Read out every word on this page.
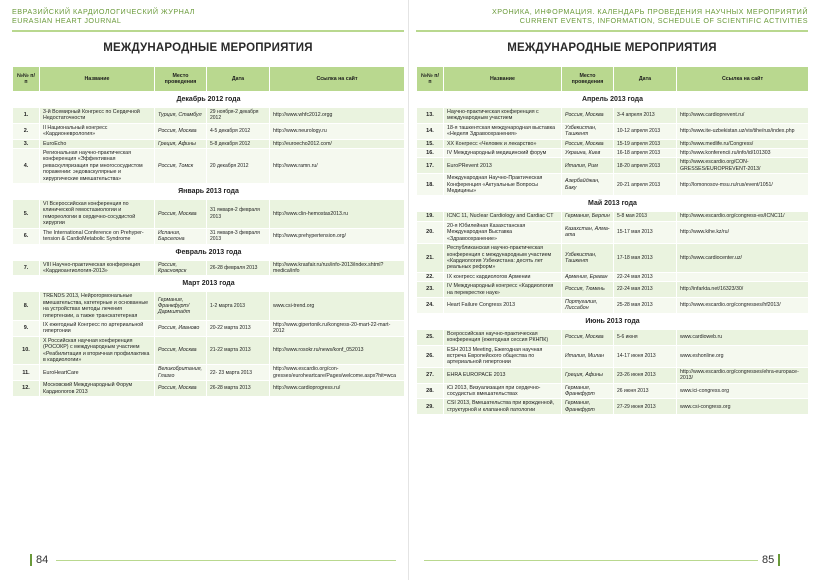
ЕВРАЗИЙСКИЙ КАРДИОЛОГИЧЕСКИЙ ЖУРНАЛ
EURASIAN HEART JOURNAL
МЕЖДУНАРОДНЫЕ МЕРОПРИЯТИЯ
№№ п/п	Название	Место проведения	Дата	Ссылка на сайт
Декабрь 2012 года				
1.	3-й Всемирный Конгресс по Сердечной Недостаточности	Турция, Стамбул	29 ноября-2 декабря 2012	http://www.whfc2012.orgg
2.	II Национальный конгресс «Кардионеврология»	Россия, Москва	4-5 декабря 2012	http://www.neurology.ru
3.	EuroEcho	Греция, Афины	5-8 декабря 2012	http://euroecho2012.com/
4.	Региональная научно-практическая конференция «Эффективная реваскуляризация при многососудистом поражении: эндоваскулярные и хирургические вмешательства»	Россия, Томск	20 декабря 2012	http://www.ramn.ru/
Январь 2013 года				
5.	VI Всероссийская конференция по клинической гемостазиологии и гемореологии в сердечно-сосудистой хирургии	Россия, Москва	31 января-2 февраля 2013	http://www.clin-hemostas2013.ru
6.	The International Conference on Prehyper-tension & CardioMetabolic Syndrome	Испания, Барселона	31 января-3 февраля 2013	http://www.prehypertension.org/
Февраль 2013 года				
7.	VIII Научно-практическая конференция «Кардиоангиология-2013»	Россия, Красноярск	26-28 февраля 2013	http://www.krasfair.ru/rus/info-2013/index.shtml?medica/info
Март 2013 года				
8.	TRENDS 2013, Нейрогормональные вмешательства, катетерные и основанные на устройствах методы лечения гипертензии, а также транскатетерная	Германия, Франкфурт/ Дармштадт	1-2 марта 2013	www.csi-trend.org
9.	IX ежегодный Конгресс по артериальной гипертонии	Россия, Иваново	20-22 марта 2013	http://www.gipertonik.ru/kongress-20-mart-22-mart-2012
10.	X Российская научная конференция (РОСОКР) с международным участием «Реабилитация и вторичная профилактика в кардиологии»	Россия, Москва	21-22 марта 2013	http://www.rosokr.ru/news/konf_052013
11.	EuroHeartCare	Великобритания, Глазго	22- 23 марта 2013	http://www.escardio.org/con-gresses/euroheartcare/Pages/welcome.aspx?hit=wca
12.	Московский Международный Форум Кардиологов 2013	Россия, Москва	26-28 марта 2013	http://www.cardioprogress.ru/
84
ХРОНИКА, ИНФОРМАЦИЯ. КАЛЕНДАРЬ ПРОВЕДЕНИЯ НАУЧНЫХ МЕРОПРИЯТИЙ
CURRENT EVENTS, INFORMATION, SCHEDULE OF SCIENTIFIC ACTIVITIES
МЕЖДУНАРОДНЫЕ МЕРОПРИЯТИЯ
№№ п/п	Название	Место проведения	Дата	Ссылка на сайт
Апрель 2013 года				
13.	Научно-практическая конференция с международным участием	Россия, Москва	3-4 апреля 2013	http://www.cardioprevent.ru/
14.	18-я ташкентская международная выставка «Неделя Здравоохранения»	Узбекистан, Ташкент	10-12 апреля 2013	http://www.ite-uzbekistan.uz/vis/tihe/rus/index.php
15.	XX Конгресс «Человек и лекарство»	Россия, Москва	15-19 апреля 2013	http://www.medlife.ru/Congress/
16.	IV Международный медицинский форум	Украина, Киев	16-18 апреля 2013	http://www.konferencii.ru/info/id/101303
17.	EuroPRevent 2013	Италия, Рим	18-20 апреля 2013	http://www.escardio.org/CON-GRESSES/EUROPREVENT-2013/
18.	Международная Научно-Практическая Конференция «Актуальные Вопросы Медицины»	Азербайджан, Баку	20-21 апреля 2013	http://lomonosov-msu.ru/rus/event/1051/
Май 2013 года				
19.	ICNC 11, Nuclear Cardiology and Cardiac CT	Германия, Берлин	5-8 мая 2013	http://www.escardio.org/congress-es/ICNC11/
20.	20-я Юбилейная Казахстанская Международная Выставка «Здравоохранение»	Казахстан, Алма-ата	15-17 мая 2013	http://www.kihe.kz/ru/
21.	Республиканская научно-практическая конференция с международным участием «Кардиология Узбекистана: десять лет реальных реформ»	Узбекистан, Ташкент	17-18 мая 2013	http://www.cardiocenter.uz/
22.	IX конгресс кардиологов Армении	Армения, Ереван	22-24 мая 2013	
23.	IV Международный конгресс «Кардиология на перекрестке наук»	Россия, Тюмень	22-24 мая 2013	http://infarkta.net/16323/30/
24.	Heart Failure Congress 2013	Португалия, Лиссабон	25-28 мая 2013	http://www.escardio.org/congresses/hf2013/
Июнь 2013 года				
25.	Всероссийская научно-практическая конференция (ежегодная сессия РКНПК)	Россия, Москва	5-6 июня	www.cardioweb.ru
26.	ESH 2013 Meeting, Ежегодная научная встреча Европейского общества по артериальной гипертонии	Италия, Милан	14-17 июня 2013	www.eshonline.org
27.	EHRA EUROPACE 2013	Греция, Афины	23-26 июня 2013	http://www.escardio.org/congresses/ehra-europace-2013/
28.	iCi 2013, Визуализация при сердечно-сосудистых вмешательствах	Германия, Франкфурт	26 июня 2013	www.ici-congress.org
29.	CSI 2013, Вмешательства при врожденной, структурной и клапанной патологии	Германия, Франкфурт	27-29 июня 2013	www.csi-congress.org
85
